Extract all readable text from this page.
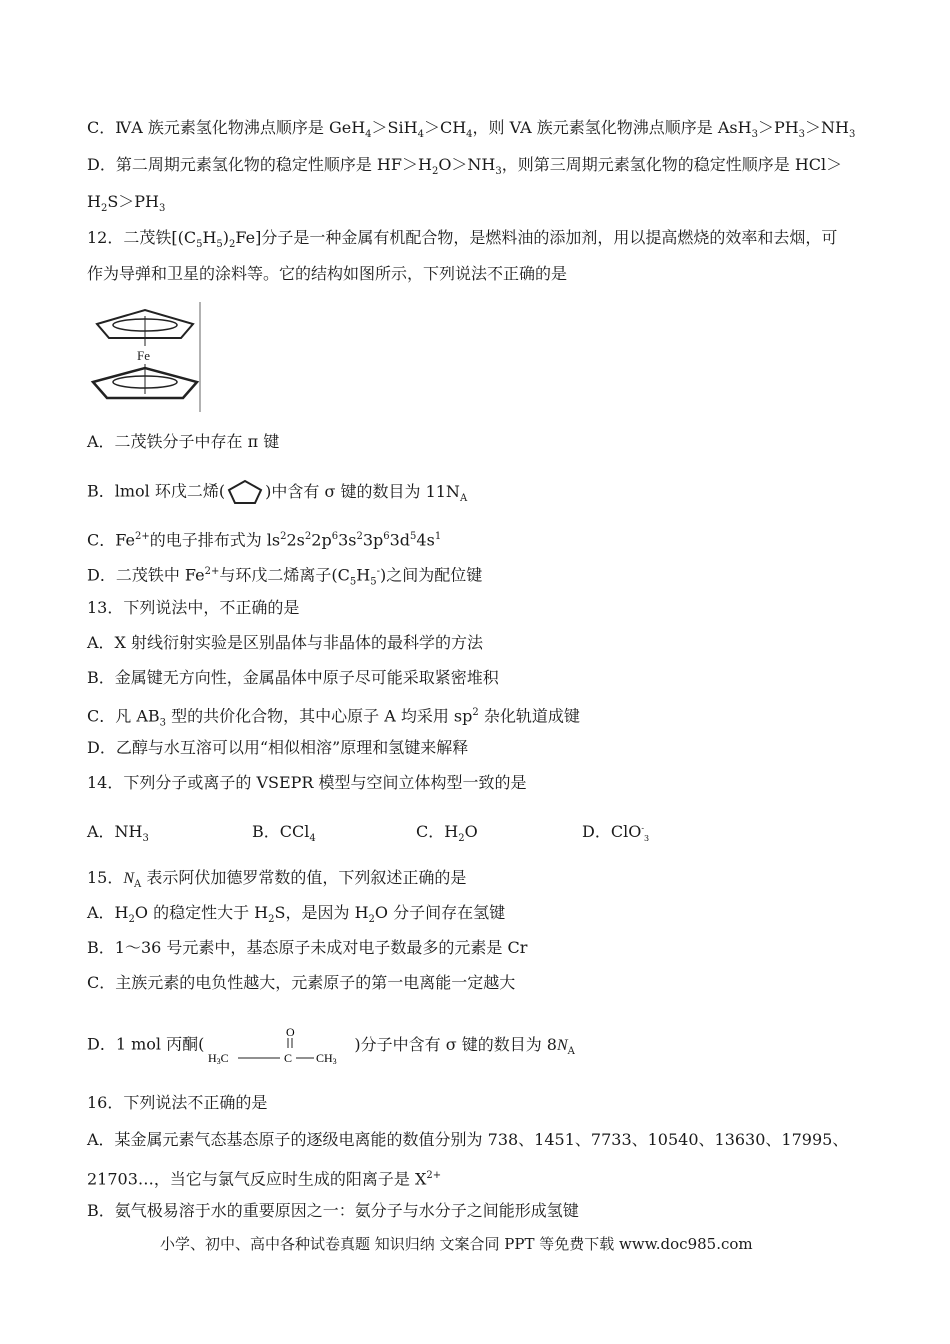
C．ⅣA 族元素氢化物沸点顺序是 $GeH_4>SiH_4>CH_4$，则 VA 族元素氢化物沸点顺序是 $AsH_3>PH_3>NH_3$
D．第二周期元素氢化物的稳定性顺序是 $HF>H_2O>NH_3$，则第三周期元素氢化物的稳定性顺序是 HCl＞
$H_2S>PH_3$
12．二茂铁$[(C_5H_5)_2Fe]$分子是一种金属有机配合物，是燃料油的添加剂，用以提高燃烧的效率和去烟，可
作为导弹和卫星的涂料等。它的结构如图所示，下列说法不正确的是
Fe
A．二茂铁分子中存在 π 键
B．lmol 环戊二烯(	)中含有 σ 键的数目为 $11N_A$
C．$Fe^{2+}$的电子排布式为 $ls^22s^22p^63s^23p^63d^54s^1$
D．二茂铁中 $Fe^{2+}$与环戊二烯离子$(C_5H_5^-)$之间为配位键
13．下列说法中，不正确的是
A．X 射线衍射实验是区别晶体与非晶体的最科学的方法
B．金属键无方向性，金属晶体中原子尽可能采取紧密堆积
C．凡 $AB_3$ 型的共价化合物，其中心原子 A 均采用 $sp^2$ 杂化轨道成键
D．乙醇与水互溶可以用“相似相溶”原理和氢键来解释
14．下列分子或离子的 VSEPR 模型与空间立体构型一致的是
A．$NH_3$	B．CCl$_4$	C．$H_2O$	D．ClO-$_3$
15．$N_A$ 表示阿伏加德罗常数的值，下列叙述正确的是
A．$H_2O$ 的稳定性大于 $H_2S$，是因为 $H_2O$ 分子间存在氢键
B．1～36 号元素中，基态原子未成对电子数最多的元素是 Cr
C．主族元素的电负性越大，元素原子的第一电离能一定越大
D．1 mol 丙酮(
O
H3C	C CH3
)分子中含有 σ 键的数目为 $8N_A$
16．下列说法不正确的是
A．某金属元素气态基态原子的逐级电离能的数值分别为 738、1451、7733、10540、13630、17995、
21703…，当它与氯气反应时生成的阳离子是 $X^{2+}$
B．氨气极易溶于水的重要原因之一：氨分子与水分子之间能形成氢键
小学、初中、高中各种试卷真题 知识归纳 文案合同 PPT 等免费下载 www.doc985.com
